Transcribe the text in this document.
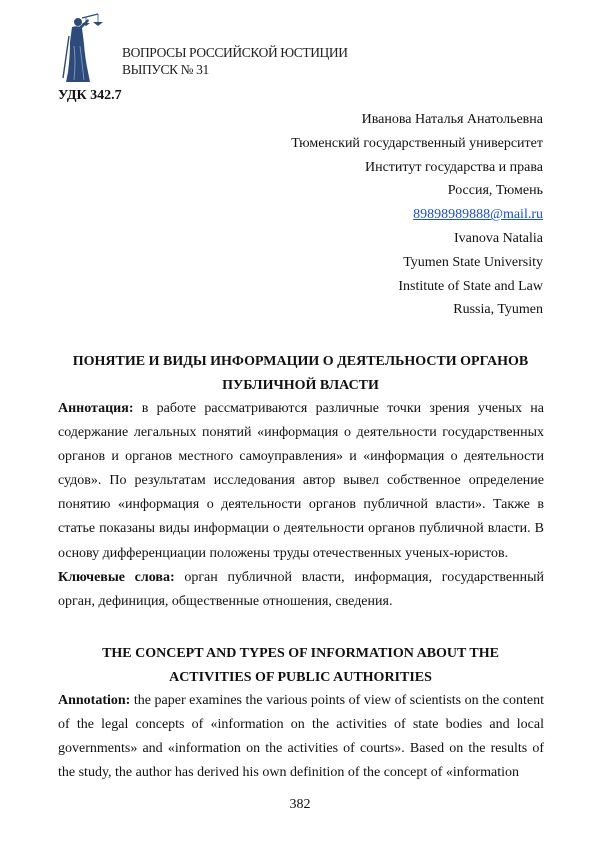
ВОПРОСЫ РОССИЙСКОЙ ЮСТИЦИИ
ВЫПУСК № 31
УДК 342.7
Иванова Наталья Анатольевна
Тюменский государственный университет
Институт государства и права
Россия, Тюмень
89898989888@mail.ru
Ivanova Natalia
Tyumen State University
Institute of State and Law
Russia, Tyumen
ПОНЯТИЕ И ВИДЫ ИНФОРМАЦИИ О ДЕЯТЕЛЬНОСТИ ОРГАНОВ
ПУБЛИЧНОЙ ВЛАСТИ
Аннотация: в работе рассматриваются различные точки зрения ученых на содержание легальных понятий «информация о деятельности государственных органов и органов местного самоуправления» и «информация о деятельности судов». По результатам исследования автор вывел собственное определение понятию «информация о деятельности органов публичной власти». Также в статье показаны виды информации о деятельности органов публичной власти. В основу дифференциации положены труды отечественных ученых-юристов.
Ключевые слова: орган публичной власти, информация, государственный орган, дефиниция, общественные отношения, сведения.
THE CONCEPT AND TYPES OF INFORMATION ABOUT THE
ACTIVITIES OF PUBLIC AUTHORITIES
Annotation: the paper examines the various points of view of scientists on the content of the legal concepts of «information on the activities of state bodies and local governments» and «information on the activities of courts». Based on the results of the study, the author has derived his own definition of the concept of «information
382
